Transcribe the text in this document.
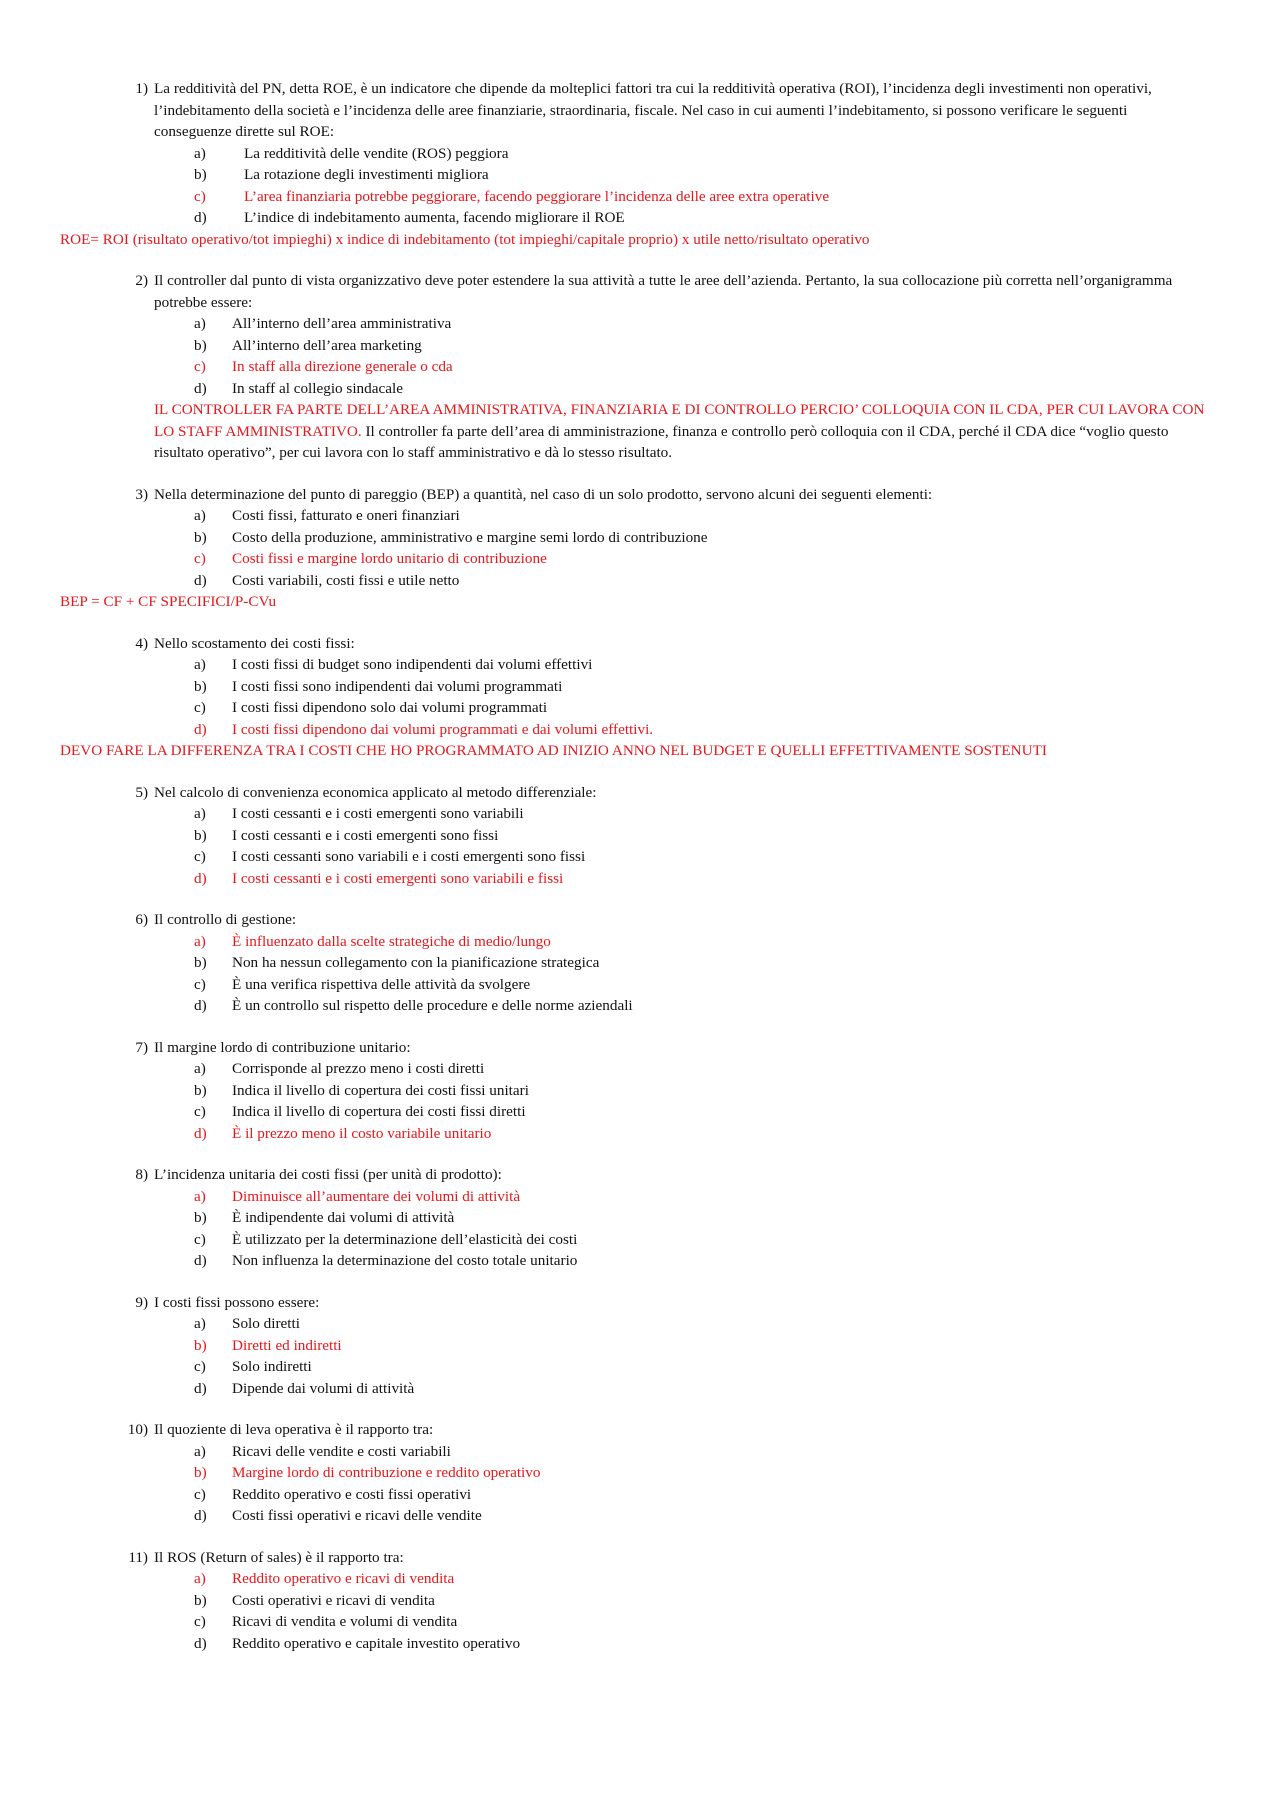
1) La redditività del PN, detta ROE, è un indicatore che dipende da molteplici fattori tra cui la redditività operativa (ROI), l’incidenza degli investimenti non operativi, l’indebitamento della società e l’incidenza delle aree finanziarie, straordinaria, fiscale. Nel caso in cui aumenti l’indebitamento, si possono verificare le seguenti conseguenze dirette sul ROE:
a)	La redditività delle vendite (ROS) peggiora
b) La rotazione degli investimenti migliora
c)	L’area finanziaria potrebbe peggiorare, facendo peggiorare l’incidenza delle aree extra operative
d) L’indice di indebitamento aumenta, facendo migliorare il ROE
ROE= ROI (risultato operativo/tot impieghi) x indice di indebitamento (tot impieghi/capitale proprio) x utile netto/risultato operativo
2) Il controller dal punto di vista organizzativo deve poter estendere la sua attività a tutte le aree dell’azienda. Pertanto, la sua collocazione più corretta nell’organigramma potrebbe essere:
a) All’interno dell’area amministrativa
b) All’interno dell’area marketing
c) In staff alla direzione generale o cda
d) In staff al collegio sindacale
IL CONTROLLER FA PARTE DELL’AREA AMMINISTRATIVA, FINANZIARIA E DI CONTROLLO PERCIO’ COLLOQUIA CON IL CDA, PER CUI LAVORA CON LO STAFF AMMINISTRATIVO. Il controller fa parte dell’area di amministrazione, finanza e controllo però colloquia con il CDA, perché il CDA dice “voglio questo risultato operativo”, per cui lavora con lo staff amministrativo e dà lo stesso risultato.
3) Nella determinazione del punto di pareggio (BEP) a quantità, nel caso di un solo prodotto, servono alcuni dei seguenti elementi:
a) Costi fissi, fatturato e oneri finanziari
b) Costo della produzione, amministrativo e margine semi lordo di contribuzione
c) Costi fissi e margine lordo unitario di contribuzione
d) Costi variabili, costi fissi e utile netto
BEP = CF + CF SPECIFICI/P-CVu
4) Nello scostamento dei costi fissi:
a) I costi fissi di budget sono indipendenti dai volumi effettivi
b) I costi fissi sono indipendenti dai volumi programmati
c) I costi fissi dipendono solo dai volumi programmati
d) I costi fissi dipendono dai volumi programmati e dai volumi effettivi.
DEVO FARE LA DIFFERENZA TRA I COSTI CHE HO PROGRAMMATO AD INIZIO ANNO NEL BUDGET E QUELLI EFFETTIVAMENTE SOSTENUTI
5) Nel calcolo di convenienza economica applicato al metodo differenziale:
a) I costi cessanti e i costi emergenti sono variabili
b) I costi cessanti e i costi emergenti sono fissi
c) I costi cessanti sono variabili e i costi emergenti sono fissi
d) I costi cessanti e i costi emergenti sono variabili e fissi
6) Il controllo di gestione:
a) È influenzato dalla scelte strategiche di medio/lungo
b) Non ha nessun collegamento con la pianificazione strategica
c) È una verifica rispettiva delle attività da svolgere
d) È un controllo sul rispetto delle procedure e delle norme aziendali
7) Il margine lordo di contribuzione unitario:
a) Corrisponde al prezzo meno i costi diretti
b) Indica il livello di copertura dei costi fissi unitari
c) Indica il livello di copertura dei costi fissi diretti
d) È il prezzo meno il costo variabile unitario
8) L’incidenza unitaria dei costi fissi (per unità di prodotto):
a) Diminuisce all’aumentare dei volumi di attività
b) È indipendente dai volumi di attività
c) È utilizzato per la determinazione dell’elasticità dei costi
d) Non influenza la determinazione del costo totale unitario
9) I costi fissi possono essere:
a) Solo diretti
b) Diretti ed indiretti
c) Solo indiretti
d) Dipende dai volumi di attività
10) Il quoziente di leva operativa è il rapporto tra:
a) Ricavi delle vendite e costi variabili
b) Margine lordo di contribuzione e reddito operativo
c) Reddito operativo e costi fissi operativi
d) Costi fissi operativi e ricavi delle vendite
11) Il ROS (Return of sales) è il rapporto tra:
a) Reddito operativo e ricavi di vendita
b) Costi operativi e ricavi di vendita
c) Ricavi di vendita e volumi di vendita
d) Reddito operativo e capitale investito operativo
